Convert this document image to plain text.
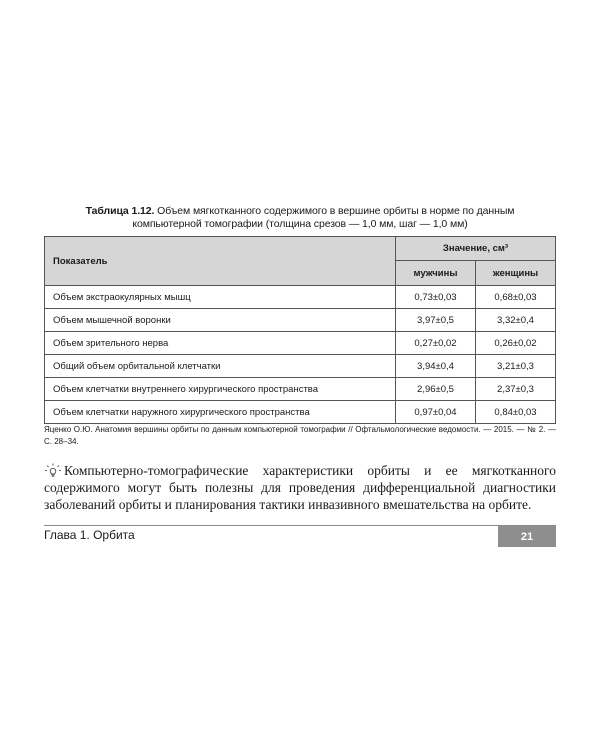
Таблица 1.12. Объем мягкотканного содержимого в вершине орбиты в норме по данным компьютерной томографии (толщина срезов — 1,0 мм, шаг — 1,0 мм)
Показатель	Значение, см³	
	мужчины	женщины
Объем экстраокулярных мышц	0,73±0,03	0,68±0,03
Объем мышечной воронки	3,97±0,5	3,32±0,4
Объем зрительного нерва	0,27±0,02	0,26±0,02
Общий объем орбитальной клетчатки	3,94±0,4	3,21±0,3
Объем клетчатки внутреннего хирургического пространства	2,96±0,5	2,37±0,3
Объем клетчатки наружного хирургического пространства	0,97±0,04	0,84±0,03
Яценко О.Ю. Анатомия вершины орбиты по данным компьютерной томографии // Офтальмологические ведомости. — 2015. — № 2. — С. 28–34.
Компьютерно-томографические характеристики орбиты и ее мягкотканного содержимого могут быть полезны для проведения дифференциальной диагностики заболеваний орбиты и планирования тактики инвазивного вмешательства на орбите.
Глава 1. Орбита	21
